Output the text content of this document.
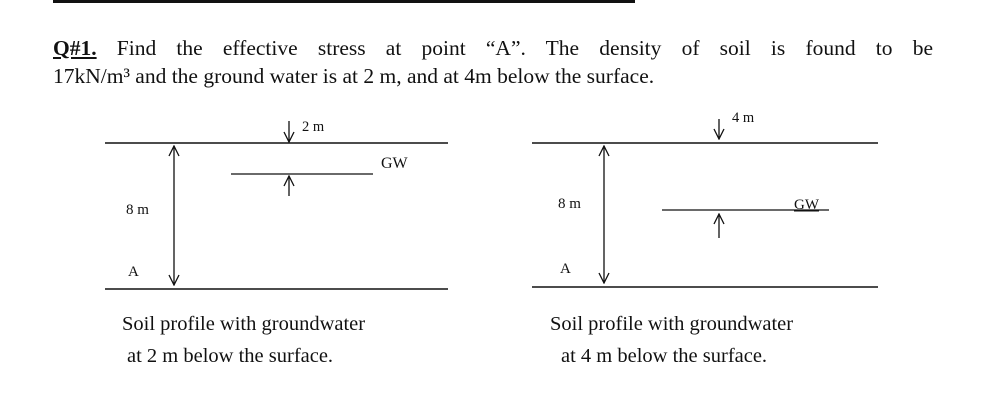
Q#1. Find the effective stress at point “A”. The density of soil is found to be
17kN/m³ and the ground water is at 2 m, and at 4m below the surface.
2 m
GW
8 m
A
4 m
GW
8 m
A
Soil profile with groundwater
at 2 m below the surface.
Soil profile with groundwater
at 4 m below the surface.
